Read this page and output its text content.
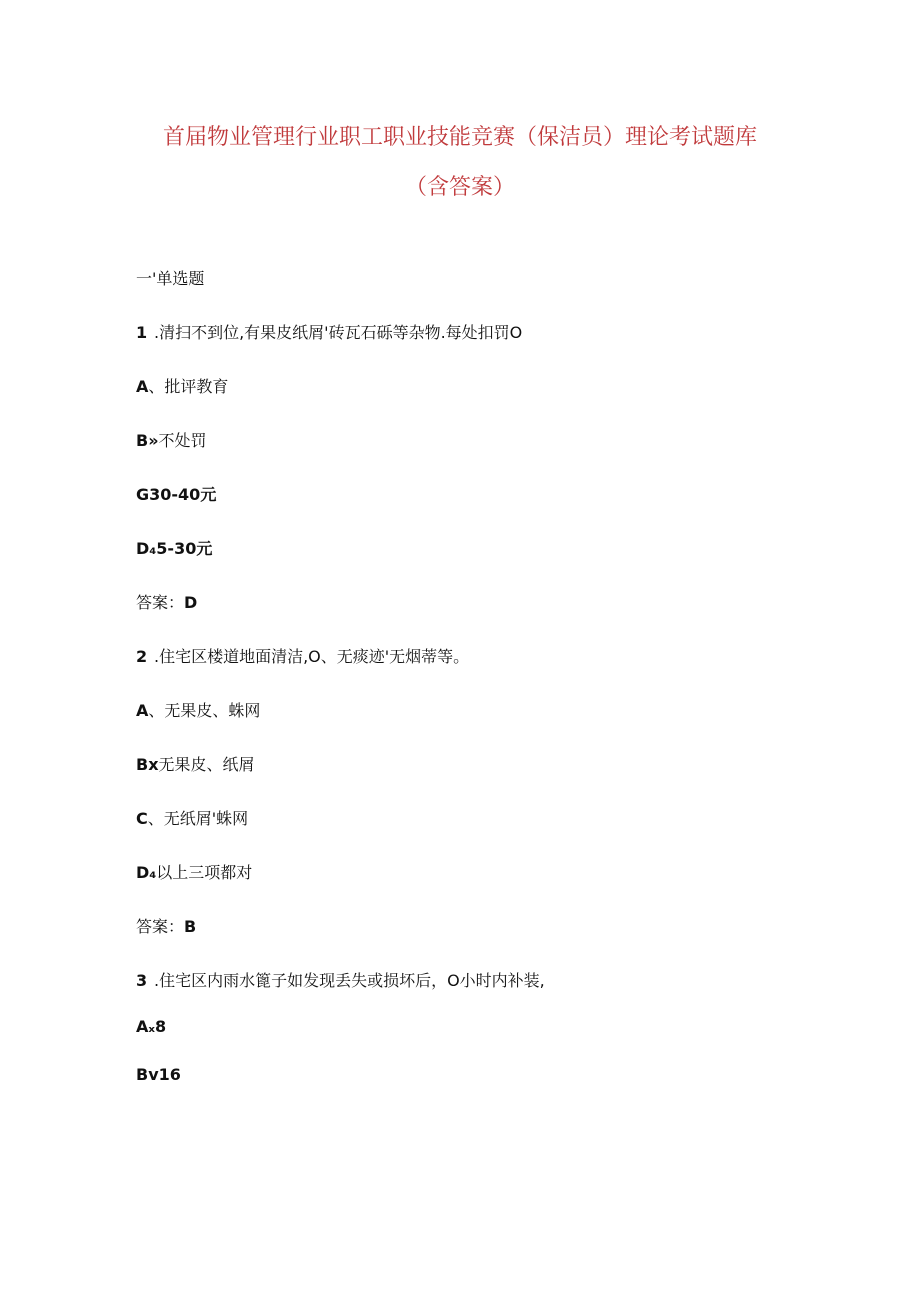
首届物业管理行业职工职业技能竞赛（保洁员）理论考试题库
（含答案）
一'单选题
1 .清扫不到位,有果皮纸屑'砖瓦石砾等杂物.每处扣罚O
A、批评教育
B»不处罚
G30-40元
D₄5-30元
答案：D
2 .住宅区楼道地面清洁,O、无痰迹'无烟蒂等。
A、无果皮、蛛网
Bx无果皮、纸屑
C、无纸屑'蛛网
D₄以上三项都对
答案：B
3 .住宅区内雨水篦子如发现丢失或损坏后，O小时内补装,
Aₓ8
Bv16
